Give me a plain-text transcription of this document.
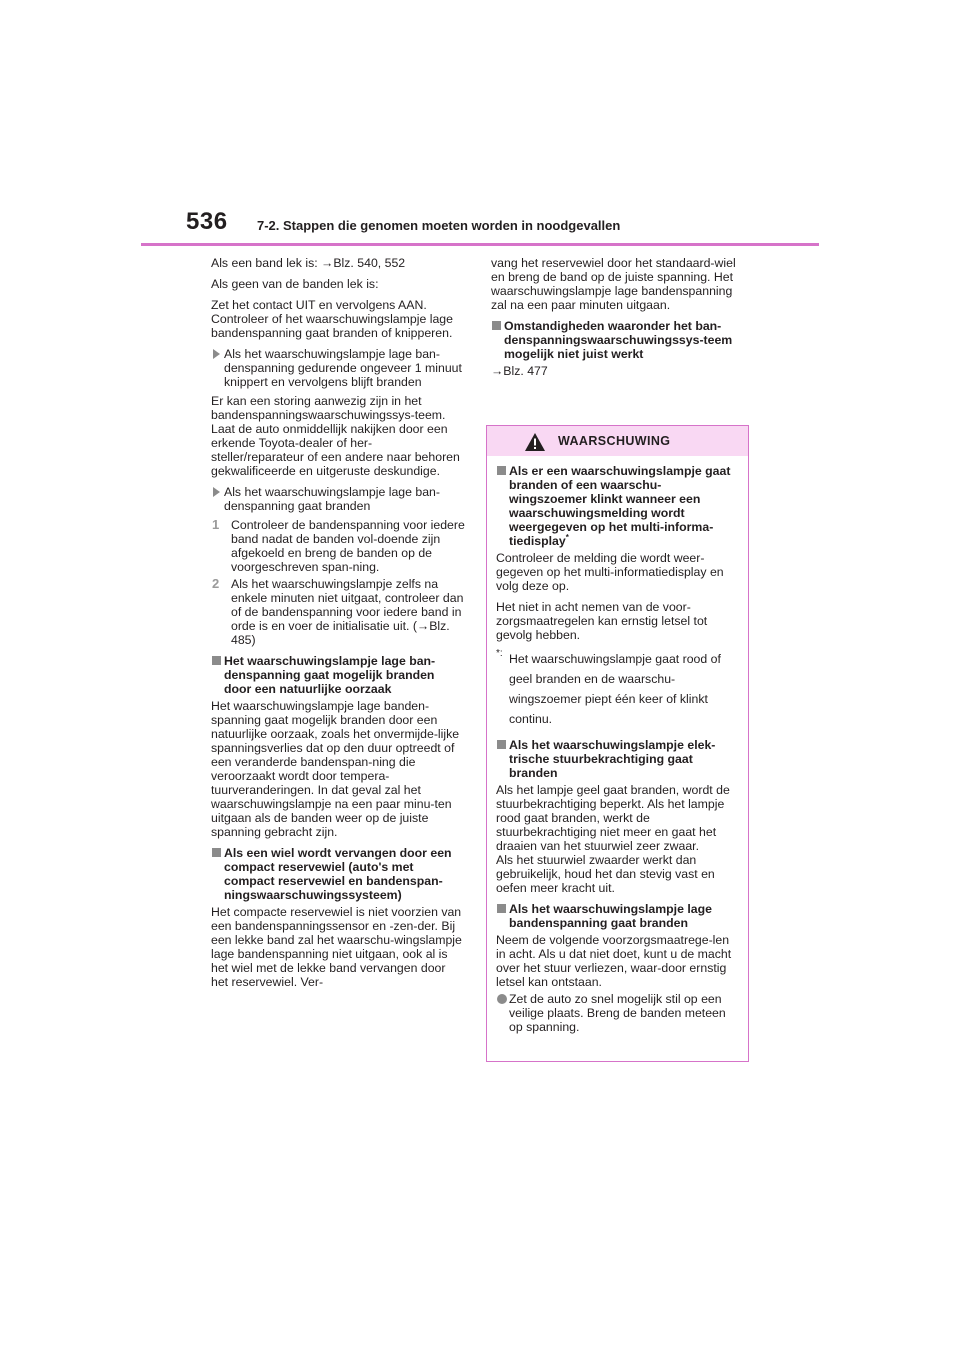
536 7-2. Stappen die genomen moeten worden in noodgevallen

Als een band lek is: →Blz. 540, 552

Als geen van de banden lek is:

Zet het contact UIT en vervolgens AAN. Controleer of het waarschuwingslampje lage bandenspanning gaat branden of knipperen.

Als het waarschuwingslampje lage ban-denspanning gedurende ongeveer 1 minuut knippert en vervolgens blijft branden

Er kan een storing aanwezig zijn in het bandenspanningswaarschuwingssys-teem. Laat de auto onmiddellijk nakijken door een erkende Toyota-dealer of her-steller/reparateur of een andere naar behoren gekwalificeerde en uitgeruste deskundige.

Als het waarschuwingslampje lage ban-denspanning gaat branden
1 Controleer de bandenspanning voor iedere band nadat de banden vol-doende zijn afgekoeld en breng de banden op de voorgeschreven span-ning.
2 Als het waarschuwingslampje zelfs na enkele minuten niet uitgaat, controleer dan of de bandenspanning voor iedere band in orde is en voer de initialisatie uit. (→Blz. 485)
Het waarschuwingslampje lage ban-denspanning gaat mogelijk branden door een natuurlijke oorzaak

Het waarschuwingslampje lage banden-spanning gaat mogelijk branden door een natuurlijke oorzaak, zoals het onvermijde-lijke spanningsverlies dat op den duur optreedt of een veranderde bandenspan-ning die veroorzaakt wordt door tempera-tuurveranderingen. In dat geval zal het waarschuwingslampje na een paar minu-ten uitgaan als de banden weer op de juiste spanning gebracht zijn.

Als een wiel wordt vervangen door een compact reservewiel (auto's met compact reservewiel en bandenspan-ningswaarschuwingssysteem)

Het compacte reservewiel is niet voorzien van een bandenspanningssensor en -zen-der. Bij een lekke band zal het waarschu-wingslampje lage bandenspanning niet uitgaan, ook al is het wiel met de lekke band vervangen door het reservewiel. Ver-

vang het reservewiel door het standaard-wiel en breng de band op de juiste spanning. Het waarschuwingslampje lage bandenspanning zal na een paar minuten uitgaan.

Omstandigheden waaronder het ban-denspanningswaarschuwingssys-teem mogelijk niet juist werkt

→Blz. 477

WAARSCHUWING
Als er een waarschuwingslampje gaat branden of een waarschu-wingszoemer klinkt wanneer een waarschuwingsmelding wordt weergegeven op het multi-informa-tiedisplay*

Controleer de melding die wordt weer-gegeven op het multi-informatiedisplay en volg deze op.

Het niet in acht nemen van de voor-zorgsmaatregelen kan ernstig letsel tot gevolg hebben.

*: Het waarschuwingslampje gaat rood of geel branden en de waarschu-wingszoemer piept één keer of klinkt continu.
Als het waarschuwingslampje elek-trische stuurbekrachtiging gaat branden

Als het lampje geel gaat branden, wordt de stuurbekrachtiging beperkt. Als het lampje rood gaat branden, werkt de stuurbekrachtiging niet meer en gaat het draaien van het stuurwiel zeer zwaar.

Als het stuurwiel zwaarder werkt dan gebruikelijk, houd het dan stevig vast en oefen meer kracht uit.

Als het waarschuwingslampje lage bandenspanning gaat branden

Neem de volgende voorzorgsmaatrege-len in acht. Als u dat niet doet, kunt u de macht over het stuur verliezen, waar-door ernstig letsel kan ontstaan.

Zet de auto zo snel mogelijk stil op een veilige plaats. Breng de banden meteen op spanning.
